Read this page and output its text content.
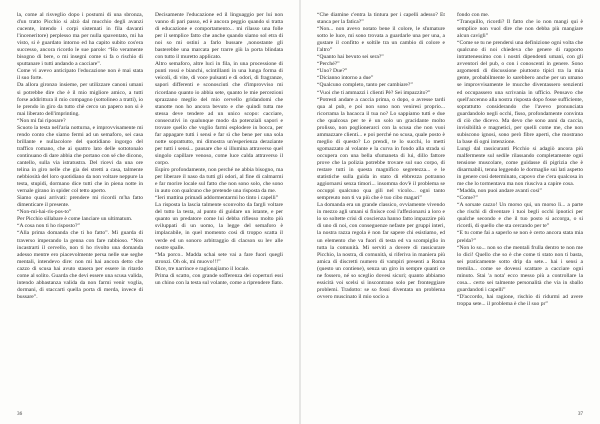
la, come al risveglio dopo i postumi di una sbronza, d'un tratto Picchio si alzò dal mucchio degli avanzi cucente, intendo i corpi sistemati in fila davanti l'inceneritore) perplesso ma per nulla spaventato, mi ha visto, si è guardato intorno ed ha capito subito cos'era successo, ancora ricordo le sue parole: “Ho veramente bisogno di bere, o mi insegni come si fa o rischio di sputtanare i tutti andando a cacciare”.

Come vi avevo anticipato l'educazione non è mai stata il suo forte.

Da allora gironzo insieme, per utilizzare canoni umani si potrebbe dire che è il mio migliore amico, a tutti forse addirittura il mio compagno (sottolineo a tratti), io le prendo in giro da tutto chè cerco un papero non si è mai liberato dell'imprinting.

“Non mi fai riposare?

Scuoto la testa nell'aria notturna, e improvvisamente mi rendo conto che siamo fermi ad un semaforo, sei casa brillante e nullacolore del quotidiano ingorgo del traffico romano, che ai quattro lato delle sottotonalo continuano di dare abbia che portano con sé che dicono, cantello, sulla via istratustra. Del ricevi da una ore telina in giro nelle che gia dei stretti a casa, talmente nebbiosità del loro quotidiano da non voltare neppure la testa, stupidi, dormano dice tutti che in piena notte in vernale girano in spider col tetto aperto.

Siamo quasi arrivati: prendere mi ricordi m'ha fatto dimenticare il presente.

“Non-mi-hai-ris-pos-to”

Per Picchio sillabare è come lanciare un ultimatum.

“A cosa non ti ho risposto?”

“Alla prima domanda che ti ho fatto”. Mi guarda di traverso imperando la genna con fare rabbioso. “Non incastrarti il cervello, non ti ho rivolto una domanda adesso mentre ero piacevolmente persa nelle sue seghe mentali, intendevo dire: non mi hai ancora detto che cazzo di scusa hai avuto stasera per essere in ritardo come al solito. Guarda che devi essere una scusa valida, intendo abbastanza valida da non farmi venir voglia, dormani, di staccarti quella porta di merda, invece di bussare”.

Decisamente l'educazione ed il linguaggio per lui non vanno di pari passo, ed è ancora peggio quando si tratta di educazione e comportamento... mi rilasso una folle per il semplice fatto che anche quando siamo sol etra di noi so mi ostini a farlo bussare ,nonostante gli basterebbe una marcata per trarre giù la porta blindata con tutto il muretto applicato.

Altro semaforo, altre luci in fila, in una processione di punti rossi e bianchi, scintillanti in una lunga forma di veicoli, di vite, di voce pulsanti e di odori, di fragranze, sapori differenti e sconosciuti che d'improvviso mi ricordano quanto io abbia sete, quanto le mie percezioni sprazzano meglio del mio cervello gridandomi che stanotte non ho ancora bevuto e che quindi tutta me stessa deve tendere ad un unico scopo: cacciare, consecutivi in qualunque modo da potenziali sapori e trovare quello che voglio farmi esplodere in bocca, per far appagare tutti i sensi e far sì che bene per una sola notte soprattutto, mi dimostra un'esperienza deraziante per tutti i sensi... pausare che si illumina attraverso quel singolo capillare venoso, come luce calda attraverso il corpo.

Espiro profondamente, non perché ne abbia bisogno, ma per liberare il naso da tutti gli odori, al fine di calmarmi e far morire locale sul fatto che non sono solo, che sono in auto con qualcuno che pretende una risposta da me.

“Ieri mattina primadi addormentarmi ho tinto i capelli”

La risposta la lascia talmente sconvolto da fargli voltare del tutto la testa, al punto di guidare un istante, e per quanto un predatore come lui debba riflesso molto più sviluppati di un uomo, la legge del semaforo è implacabile, in quel momento così di troppo scatta il verde ed un sonoro arbitraggio di clacson su lev alle nostre spalle.

“Ma porco.. Madda schai sete vai a fare fuori quegli stronzi. Oh ok, mi muovo!!!”

Dice, tre narrince e ragionajiamo il locale.

Prima di scatto, con grande sofferenza dei coperturi essi un chino con la testa sul volante, come a riprendere fiato.

36

“Che diamine c'entra la tintura per i capelli adesso? Et stanca per la fatica?”

“Non... non avevo notato bene il colore, le sfumature sotto le luce, mi sono trovata a guardarle una per una, a gustare il confitto e soltile tra un cambio di colore e l'altro”

“Quanto hai bevuto sei sera?”

“Perché?”

“Uno? Due?”

“Dicianno intorno a due”

“Qualcuno completo, tanto per cambiare?”

“Vuoi che ti ammazzi i clienti Pè? Sei impazzito?”

“Potresti andare a caccia prima, o dopo, o avresse tardi qua al pub, e poi non sono non veniresi proprio... ricorrama la bacacca il tua no? Lo sappiamo tutti e due che qualcosa per te è un solo un gracidante molto prolisso, non poglionerarci con la scusa che non vuoi ammazzare clienti... e poi perché no scusa, quale posto è meglio di questo? Lo prendi, te lo succhi, lo metti sgomazzato al volante e la curva in fondo alla strada si occupera con una bella sfumaneta di lui, dillo fattore prove che la polizia potrebbe trovare sul suo corpo, di restare tutti in questa magnifico segretezza... e le statistiche sulla guida in stato di ebbrezza potranno aggiornarsi senza timori... insomma dov'è il problema se occuppi qualcuno qua gili nel vicolo... ogni tanto sempreuto non ti va più che è tuo cibo magari”

La domanda era un grande classico, ovviamente vivendo in mezzo agli umani si finisce così l'affezionarsi a loro e lo so soltette crisi di coscienza hanno fatto impazzire più di uno di noi, con conseguenze nefaste per gruppi interi, la nostra razza regola è non far sapere chi esistiamo, ed un elemento che va fuori di testa ed va scompiglio in tutta la comunità. Mi serviti a dovere di rassicurare Picchio, la nostra, di comunità, si riferiva in maniera più amica di discretti numero di vampiri presenti a Roma (questo un contiene), senza un giro in sempre quanti ce ne fossero, né so sceglio dovesi sicuri; quanto abbiamo essicità voi scelsi si inscontrano solo per fronteggiare problemi. Tradotto: se so fossi diventata un problema ovvero muscinato il mio socio a

fondo con me.

“Tranquillo, ricordi? Il fatto che io non mangi qui è semplice non vuol dire che non debba più mangiare alcun cavigli”

“Come se tu ne prendersi una definizione ogni volta che qualcuno di noi chiedeva che genere di rapporto intrattenessimo con i nostri dipendenti umani, con gli avventori del pub, o con i conoscenti in genere. Sono argomenti di discussione piuttosto tipici tra la mia gente, probabilmente lo sarebbero anche per un umano se improvvisamente le mucche diventassero senzienti ed occupassero una scrivania in ufficio. Pensavo che quell'accenno alla nostra risposta dopo fosse sufficiente, soprattutto considerando che l'avevo pronunciata guardandolo negli occhi, fisso, profondamente convinta di ciò che dicevo. Ma devo che sono anni da caccia, invisibilità e magnetici, per quelli come me, che non subiscono ignosi, sono però fibre aperti, che mostrano la base di ogni intenzione.

Lungi dal rassicuranti Picchio si adagiò ancora più malfermente sul sedile rilassando completamente ogni tensione muscolare, come guidasse di pigrizia che è disarmabili, tenna leggendo le dormaglie sui lati aspetto in genere così determinato, capovo che c'era qualcosa in me che lo tormentava ma non riusciva a capire cosa.

“Madda, non puoi andare avanti così”

“Come?”

“A sorsate cazzo! Un morso qui, un morso lì... a parte che rischi di diventare i tuoi begli occhi ipnotici per qualche secondo e che il tuo posto si accorga, o si ricordi, di quello che sta cercando per te”

“E tu come fai a saperlo se non è certo ancora stata mia prelda?”

“Non lo so... non so che mentali frulla dentro te non me lo dici! Quello che so è che come ti stato non ti basta, sei praticamente sotto drip da sete... hai i sensi a tremila... come se dovessi scattare a cacciare ogni minuto. Stai 'a nota' ecco messo più a controllare la cosa... certo sei talmente personalità che via in sballo guardandoti i capelli”

“D'accordo, hai ragione, rischio di ridurmi ad avere troppa sete... il problema è che il suo pr”

37
